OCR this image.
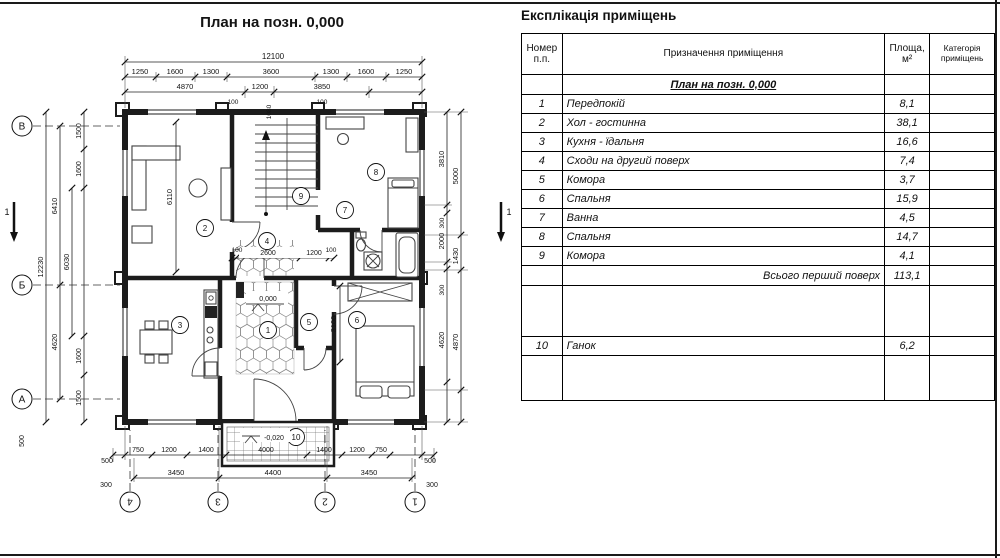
План на позн. 0,000
12100
1250 1600	1300	3600	1300 1600	1250
4870	1200	3850
100
1080
100
12230
6410
6030
4620
500
1500
1600
1600
1500
3810
5000
300
2000
1430
300
4620 4870
6110
100	2600	1200 100
3100
750 1200	1400	4000	1400 1200 750
3450	4400	3450
500	500
300	300
В
Б
А
4	3	2	1
1	1
1
2
3
4
5	6
7
8
9
10
0,000
-0,020
Експлікація приміщень
Номер
п.п.
	Призначення приміщення	
Площа,
м²

Категорія
приміщень

	План на позн. 0,000		

1	Передпокій	8,1	
2	Хол - гостинна	38,1	
3	Кухня - їдальня	16,6	
4	Сходи на другий поверх	7,4	
5	Комора	3,7	
6	Спальня	15,9	
7	Ванна	4,5	
8	Спальня	14,7	
9	Комора	4,1	
	Всього перший поверх	113,1	

10	Ганок	6,2	
